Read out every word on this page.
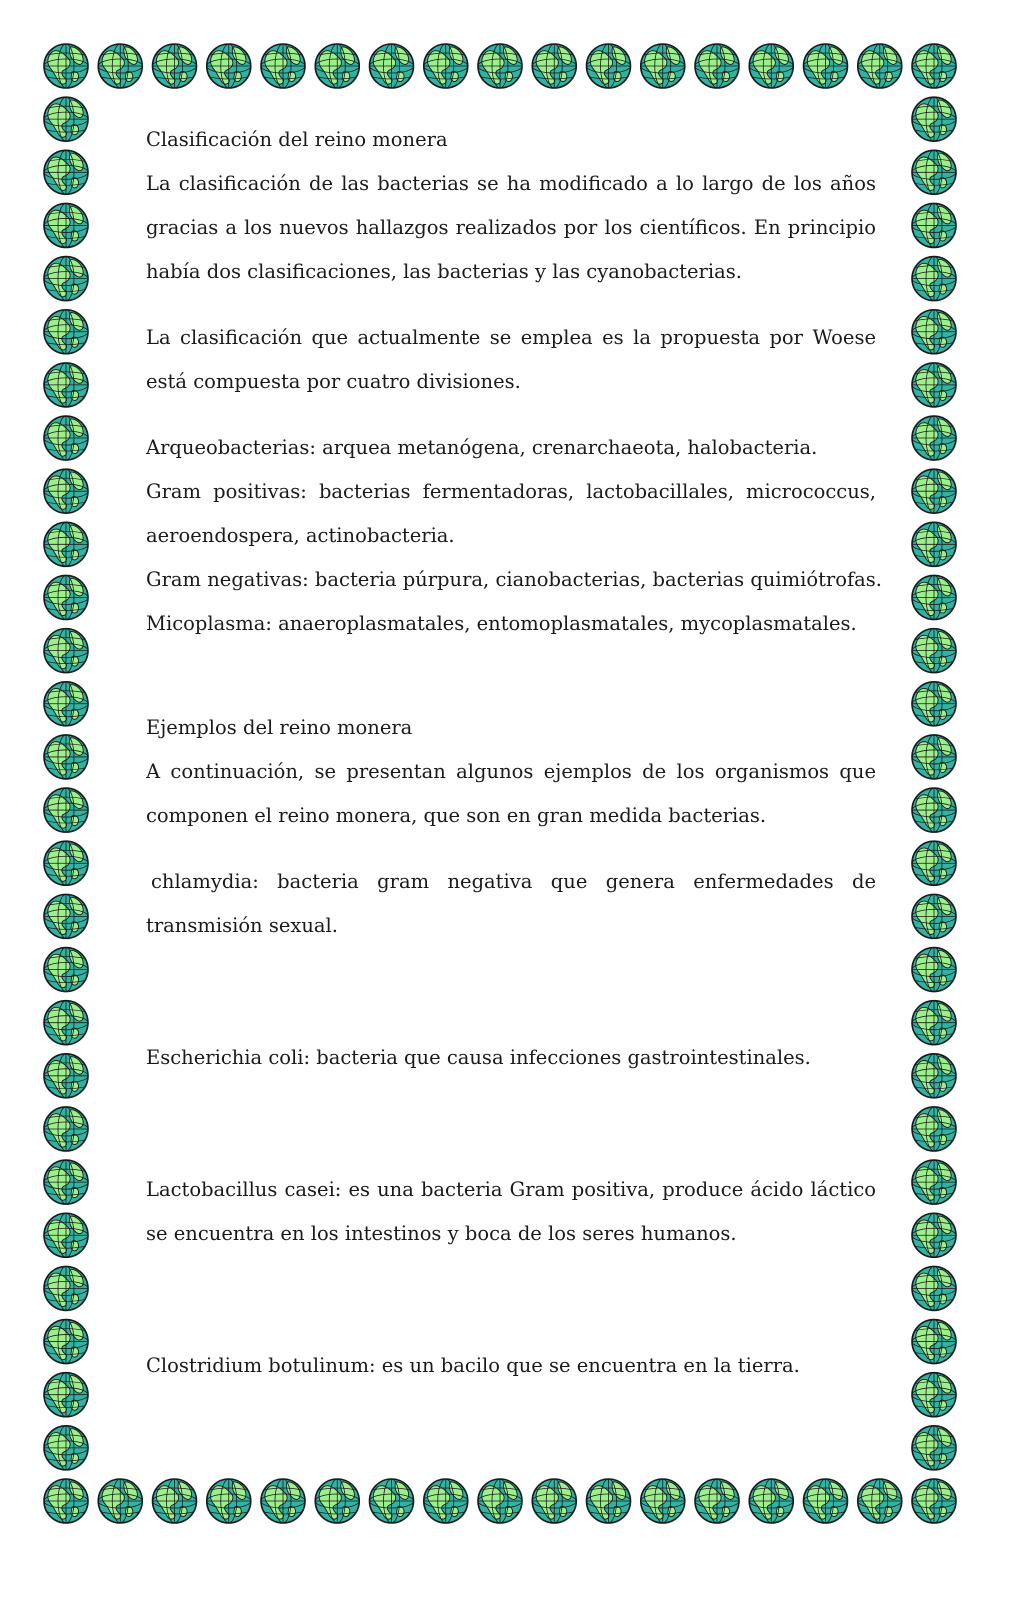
Clasificación del reino monera
La clasificación de las bacterias se ha modificado a lo largo de los años
gracias a los nuevos hallazgos realizados por los científicos. En principio
había dos clasificaciones, las bacterias y las cyanobacterias.
La clasificación que actualmente se emplea es la propuesta por Woese
está compuesta por cuatro divisiones.
Arqueobacterias: arquea metanógena, crenarchaeota, halobacteria.
Gram positivas: bacterias fermentadoras, lactobacillales, micrococcus,
aeroendospera, actinobacteria.
Gram negativas: bacteria púrpura, cianobacterias, bacterias quimiótrofas.
Micoplasma: anaeroplasmatales, entomoplasmatales, mycoplasmatales.
Ejemplos del reino monera
A continuación, se presentan algunos ejemplos de los organismos que
componen el reino monera, que son en gran medida bacterias.
chlamydia: bacteria gram negativa que genera enfermedades de
transmisión sexual.
Escherichia coli: bacteria que causa infecciones gastrointestinales.
Lactobacillus casei: es una bacteria Gram positiva, produce ácido láctico
se encuentra en los intestinos y boca de los seres humanos.
Clostridium botulinum: es un bacilo que se encuentra en la tierra.
